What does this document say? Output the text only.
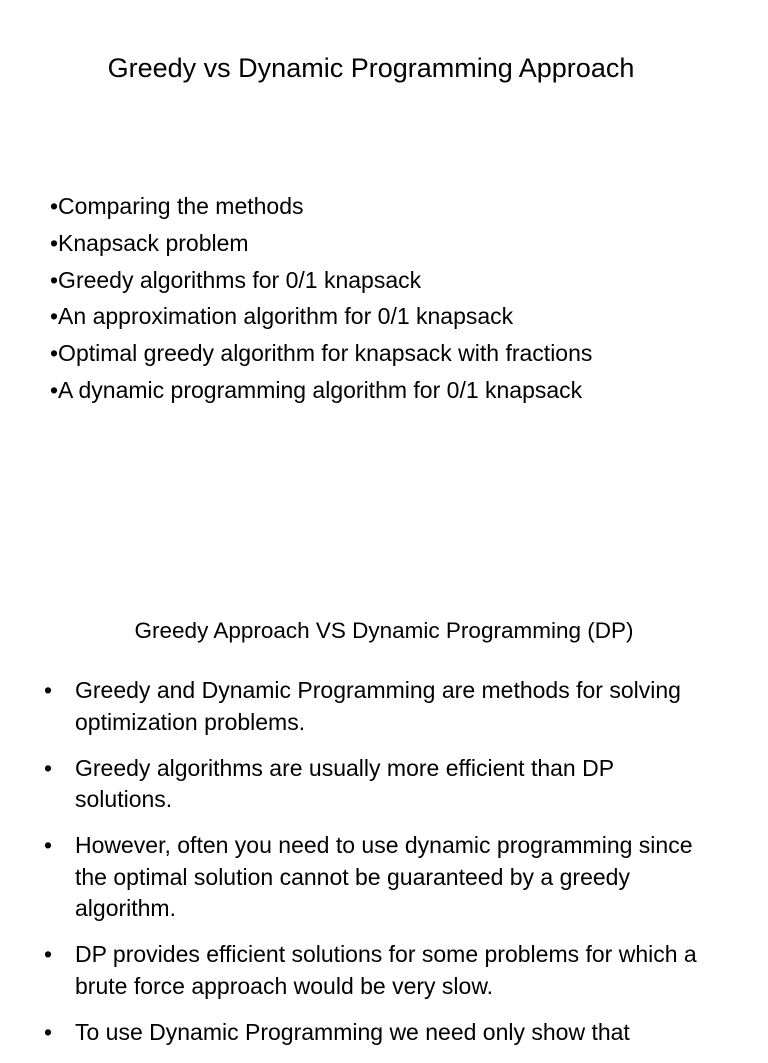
Greedy vs Dynamic Programming Approach
•Comparing the methods
•Knapsack problem
•Greedy algorithms for 0/1 knapsack
•An approximation algorithm for 0/1 knapsack
•Optimal greedy algorithm for knapsack with fractions
•A dynamic programming algorithm for 0/1 knapsack
Greedy Approach VS Dynamic Programming (DP)
• Greedy and Dynamic Programming are methods for solving optimization problems.
• Greedy algorithms are usually more efficient than DP solutions.
• However, often you need to use dynamic programming since the optimal solution cannot be guaranteed by a greedy algorithm.
• DP provides efficient solutions for some problems for which a brute force approach would be very slow.
• To use Dynamic Programming we need only show that
